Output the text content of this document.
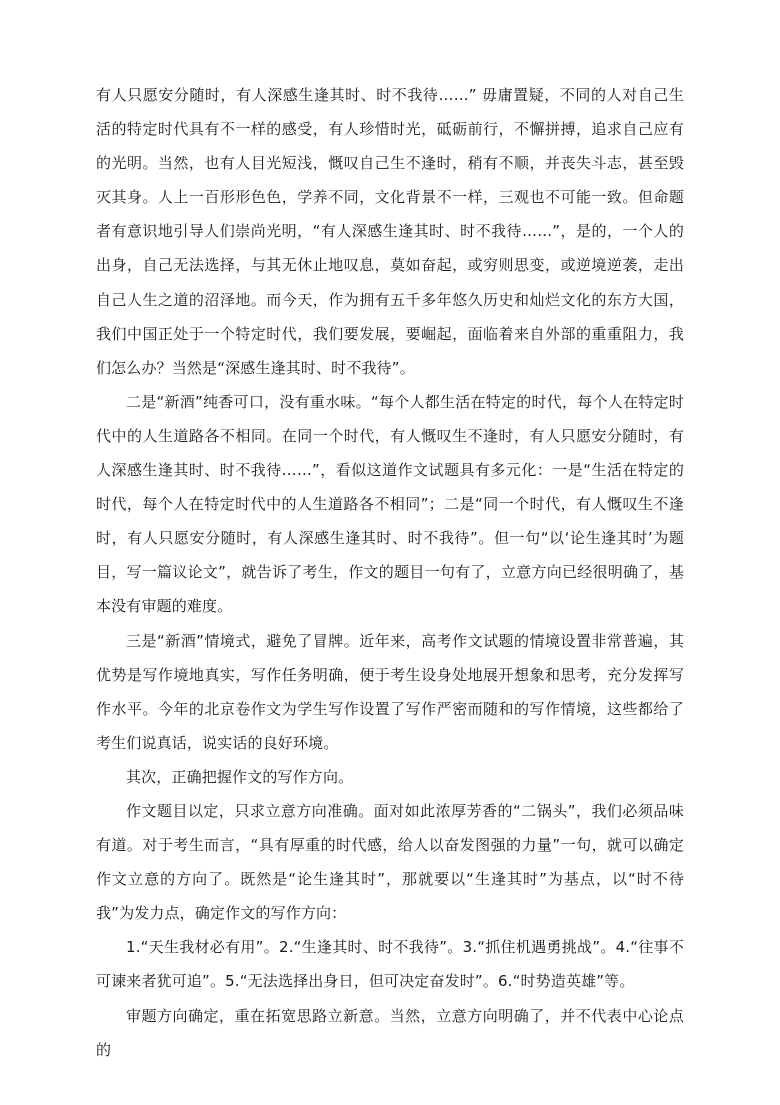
有人只愿安分随时，有人深感生逢其时、时不我待……” 毋庸置疑，不同的人对自己生活的特定时代具有不一样的感受，有人珍惜时光，砥砺前行，不懈拼搏，追求自己应有的光明。当然，也有人目光短浅，慨叹自己生不逢时，稍有不顺，并丧失斗志，甚至毁灭其身。人上一百形形色色，学养不同，文化背景不一样，三观也不可能一致。但命题者有意识地引导人们崇尚光明，“有人深感生逢其时、时不我待……”，是的，一个人的出身，自己无法选择，与其无休止地叹息，莫如奋起，或穷则思变，或逆境逆袭，走出自己人生之道的沼泽地。而今天，作为拥有五千多年悠久历史和灿烂文化的东方大国，我们中国正处于一个特定时代，我们要发展，要崛起，面临着来自外部的重重阻力，我们怎么办？当然是“深感生逢其时、时不我待”。

二是“新酒”纯香可口，没有重水味。“每个人都生活在特定的时代，每个人在特定时代中的人生道路各不相同。在同一个时代，有人慨叹生不逢时，有人只愿安分随时，有人深感生逢其时、时不我待……”，看似这道作文试题具有多元化：一是“生活在特定的时代，每个人在特定时代中的人生道路各不相同”；二是“同一个时代，有人慨叹生不逢时，有人只愿安分随时，有人深感生逢其时、时不我待”。但一句“以‘论生逢其时’为题目，写一篇议论文”，就告诉了考生，作文的题目一句有了，立意方向已经很明确了，基本没有审题的难度。

三是“新酒”情境式，避免了冒牌。近年来，高考作文试题的情境设置非常普遍，其优势是写作境地真实，写作任务明确，便于考生设身处地展开想象和思考，充分发挥写作水平。今年的北京卷作文为学生写作设置了写作严密而随和的写作情境，这些都给了考生们说真话，说实话的良好环境。

其次，正确把握作文的写作方向。

作文题目以定，只求立意方向准确。面对如此浓厚芳香的“二锅头”，我们必须品味有道。对于考生而言，“具有厚重的时代感，给人以奋发图强的力量”一句，就可以确定作文立意的方向了。既然是“论生逢其时”，那就要以“生逢其时”为基点，以“时不待我”为发力点，确定作文的写作方向：

1.“天生我材必有用”。2.“生逢其时、时不我待”。3.“抓住机遇勇挑战”。4.“往事不可谏来者犹可追”。5.“无法选择出身日，但可决定奋发时”。6.“时势造英雄”等。

审题方向确定，重在拓宽思路立新意。当然，立意方向明确了，并不代表中心论点的
